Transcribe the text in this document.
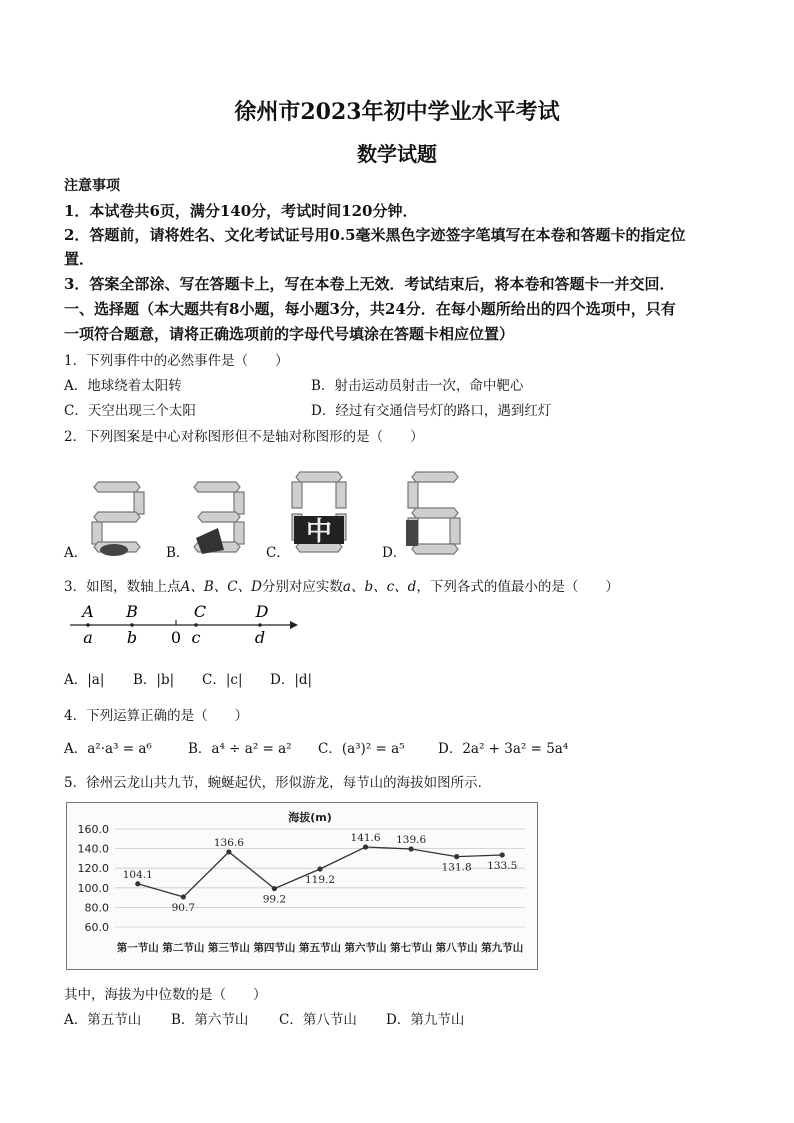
徐州市2023年初中学业水平考试
数学试题
注意事项
1．本试卷共6页，满分140分，考试时间120分钟．
2．答题前，请将姓名、文化考试证号用0.5毫米黑色字迹签字笔填写在本卷和答题卡的指定位
置．
3．答案全部涂、写在答题卡上，写在本卷上无效．考试结束后，将本卷和答题卡一并交回．
一、选择题（本大题共有8小题，每小题3分，共24分．在每小题所给出的四个选项中，只有
一项符合题意，请将正确选项前的字母代号填涂在答题卡相应位置）
1．下列事件中的必然事件是（　　）
A．地球绕着太阳转	B．射击运动员射击一次，命中靶心
C．天空出现三个太阳	D．经过有交通信号灯的路口，遇到红灯
2．下列图案是中心对称图形但不是轴对称图形的是（　　）
A．	B．
中
C．	D．
3．如图，数轴上点A、B、C、D分别对应实数a、b、c、d，下列各式的值最小的是（　　）
A B	C	D
a b 0 c	d
A．|a| B．|b| C．|c| D．|d|
4．下列运算正确的是（　　）
A．a²·a³ = a⁶	B．a⁴ ÷ a² = a² C．(a³)² = a⁵ D．2a² + 3a² = 5a⁴
5．徐州云龙山共九节，蜿蜒起伏，形似游龙，每节山的海拔如图所示．
160.0
140.0
120.0
100.0
80.0
60.0
海拔(m)
104.1
90.7
136.6
99.2
119.2
141.6 139.6
131.8 133.5
第一节山 第二节山 第三节山 第四节山 第五节山 第六节山 第七节山 第八节山 第九节山
其中，海拔为中位数的是（　　）
A．第五节山 B．第六节山 C．第八节山 D．第九节山
